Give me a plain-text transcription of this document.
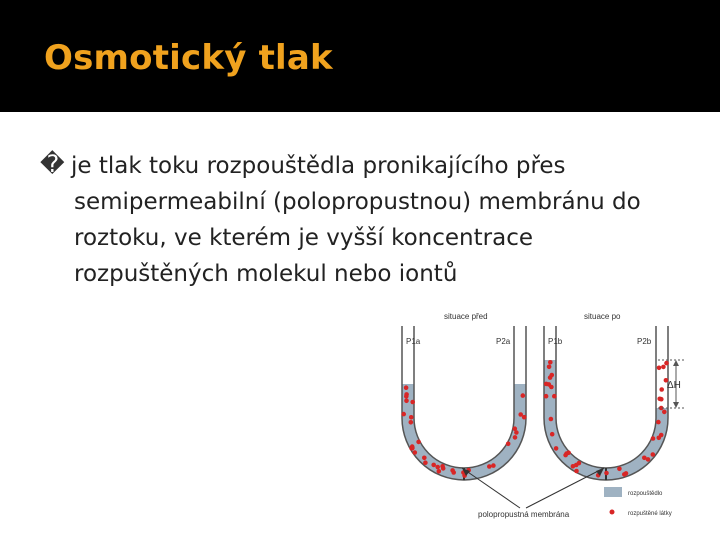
Osmotický tlak
� je tlak toku rozpouštědla pronikajícího přes semipermeabilní (polopropustnou) membránu do roztoku, ve kterém je vyšší koncentrace rozpuštěných molekul nebo iontů

ΔH
situace před	situace po
P1a	P2a	P1b	P2b
polopropustná membrána
rozpouštědlo
rozpuštěné látky
